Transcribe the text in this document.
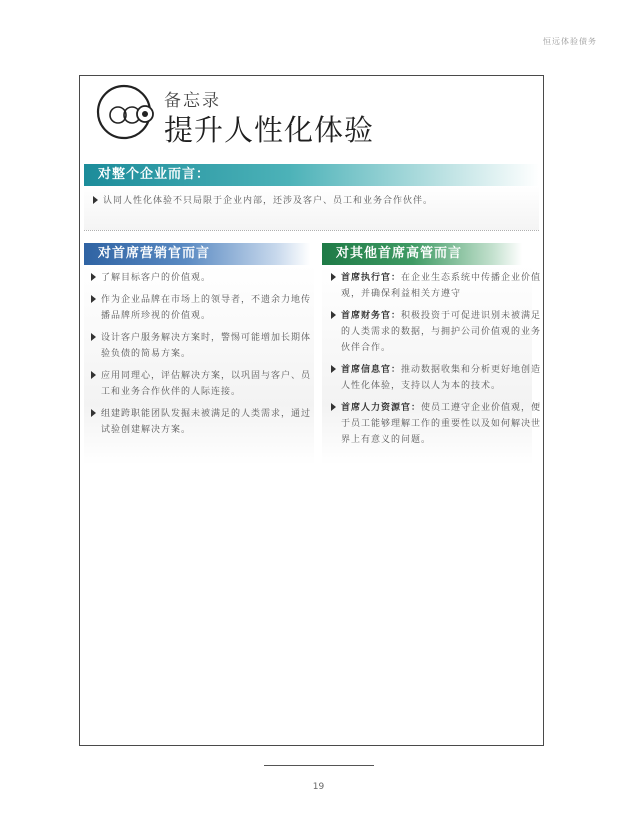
恒远体验债务
备忘录
提升人性化体验
对整个企业而言：
对首席营销官而言	对其他首席高管而言
认同人性化体验不只局限于企业内部，还涉及客户、员工和业务合作伙伴。
了解目标客户的价值观。
作为企业品牌在市场上的领导者，不遗余力地传播品牌所珍视的价值观。
设计客户服务解决方案时，警惕可能增加长期体验负债的简易方案。
应用同理心，评估解决方案，以巩固与客户、员工和业务合作伙伴的人际连接。
组建跨职能团队发掘未被满足的人类需求，通过试验创建解决方案。
首席执行官：在企业生态系统中传播企业价值观，并确保利益相关方遵守
首席财务官：积极投资于可促进识别未被满足的人类需求的数据，与拥护公司价值观的业务伙伴合作。
首席信息官：推动数据收集和分析更好地创造人性化体验，支持以人为本的技术。
首席人力资源官：使员工遵守企业价值观，便于员工能够理解工作的重要性以及如何解决世界上有意义的问题。
19
